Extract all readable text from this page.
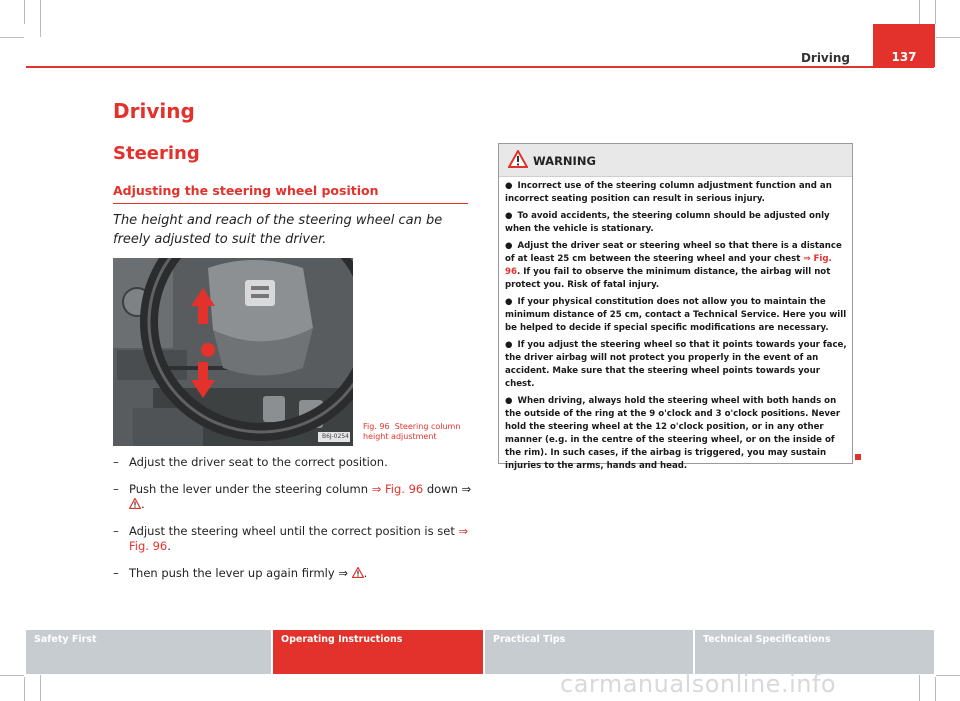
Driving	137
Driving
Steering
Adjusting the steering wheel position
The height and reach of the steering wheel can be freely adjusted to suit the driver.
B6J-0254
Fig. 96 Steering column height adjustment
– Adjust the driver seat to the correct position.
– Push the lever under the steering column ⇒ Fig. 96 down ⇒ .
– Adjust the steering wheel until the correct position is set ⇒ Fig. 96.
– Then push the lever up again firmly ⇒ .
WARNING
● Incorrect use of the steering column adjustment function and an incorrect seating position can result in serious injury.
● To avoid accidents, the steering column should be adjusted only when the vehicle is stationary.
● Adjust the driver seat or steering wheel so that there is a distance of at least 25 cm between the steering wheel and your chest ⇒ Fig. 96. If you fail to observe the minimum distance, the airbag will not protect you. Risk of fatal injury.
● If your physical constitution does not allow you to maintain the minimum distance of 25 cm, contact a Technical Service. Here you will be helped to decide if special specific modifications are necessary.
● If you adjust the steering wheel so that it points towards your face, the driver airbag will not protect you properly in the event of an accident. Make sure that the steering wheel points towards your chest.
● When driving, always hold the steering wheel with both hands on the outside of the ring at the 9 o'clock and 3 o'clock positions. Never hold the steering wheel at the 12 o'clock position, or in any other manner (e.g. in the centre of the steering wheel, or on the inside of the rim). In such cases, if the airbag is triggered, you may sustain injuries to the arms, hands and head.
Safety First	Operating Instructions	Practical Tips	Technical Specifications
carmanualsonline.info
